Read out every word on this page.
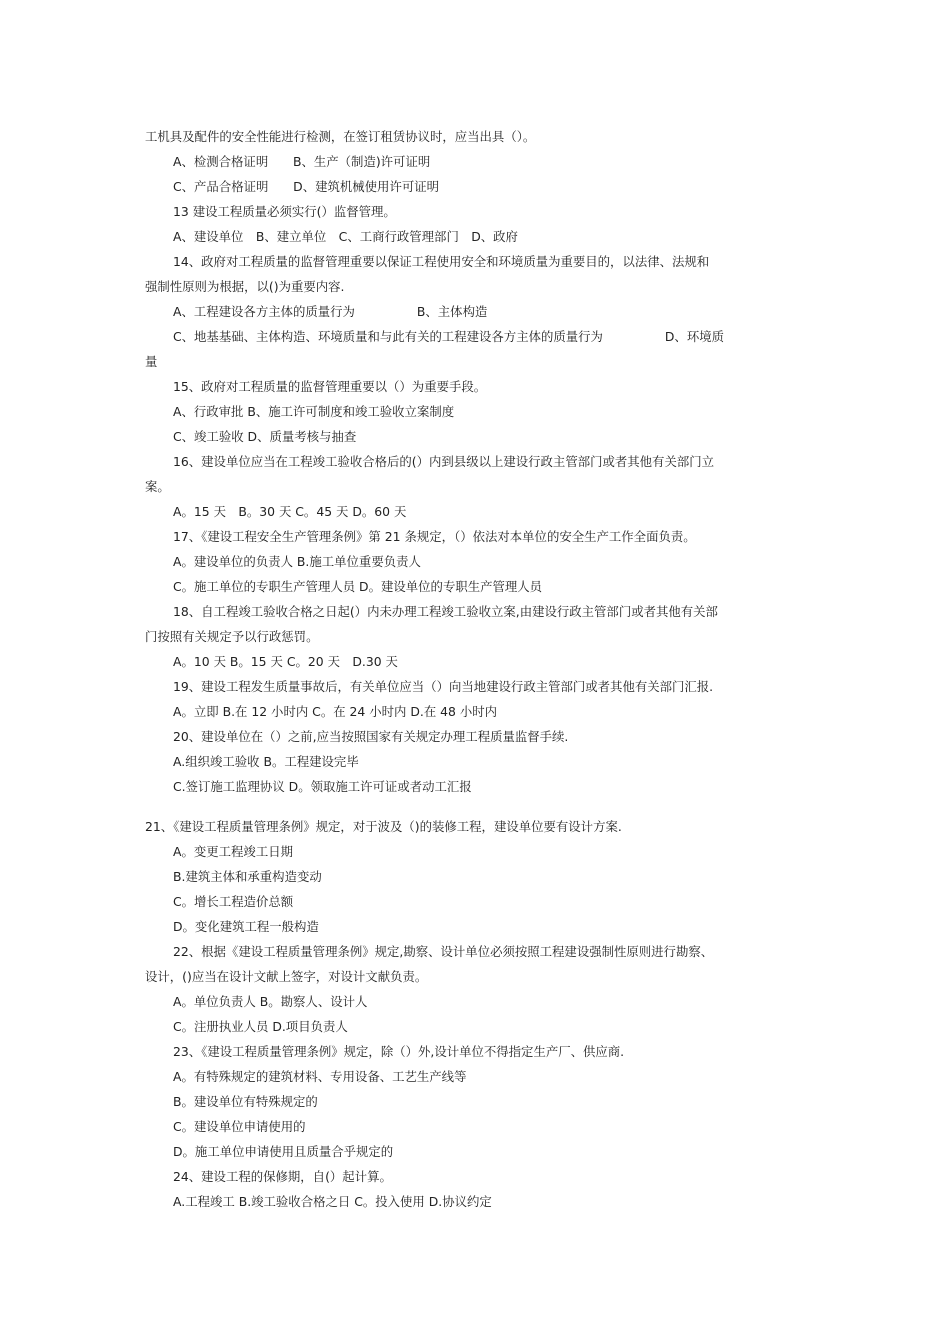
工机具及配件的安全性能进行检测，在签订租赁协议时，应当出具（）。
A、检测合格证明　　B、生产（制造)许可证明
C、产品合格证明　　D、建筑机械使用许可证明
13 建设工程质量必须实行(）监督管理。
A、建设单位　B、建立单位　C、工商行政管理部门　D、政府
14、政府对工程质量的监督管理重要以保证工程使用安全和环境质量为重要目的，以法律、法规和
强制性原则为根据，以()为重要内容.
A、工程建设各方主体的质量行为　　　　　B、主体构造
C、地基基础、主体构造、环境质量和与此有关的工程建设各方主体的质量行为　　　　　D、环境质
量
15、政府对工程质量的监督管理重要以（）为重要手段。
A、行政审批 B、施工许可制度和竣工验收立案制度
C、竣工验收 D、质量考核与抽查
16、建设单位应当在工程竣工验收合格后的(）内到县级以上建设行政主管部门或者其他有关部门立
案。
A。15 天　B。30 天 C。45 天 D。60 天
17、《建设工程安全生产管理条例》第 21 条规定，（）依法对本单位的安全生产工作全面负责。
A。建设单位的负责人 B.施工单位重要负责人
C。施工单位的专职生产管理人员 D。建设单位的专职生产管理人员
18、自工程竣工验收合格之日起(）内未办理工程竣工验收立案,由建设行政主管部门或者其他有关部
门按照有关规定予以行政惩罚。
A。10 天 B。15 天 C。20 天　D.30 天
19、建设工程发生质量事故后，有关单位应当（）向当地建设行政主管部门或者其他有关部门汇报.
A。立即 B.在 12 小时内 C。在 24 小时内 D.在 48 小时内
20、建设单位在（）之前,应当按照国家有关规定办理工程质量监督手续.
A.组织竣工验收 B。工程建设完毕
C.签订施工监理协议 D。领取施工许可证或者动工汇报
21、《建设工程质量管理条例》规定，对于波及（)的装修工程，建设单位要有设计方案.
A。变更工程竣工日期
B.建筑主体和承重构造变动
C。增长工程造价总额
D。变化建筑工程一般构造
22、根据《建设工程质量管理条例》规定,勘察、设计单位必须按照工程建设强制性原则进行勘察、
设计，()应当在设计文献上签字，对设计文献负责。
A。单位负责人 B。勘察人、设计人
C。注册执业人员 D.项目负责人
23、《建设工程质量管理条例》规定，除（）外,设计单位不得指定生产厂、供应商.
A。有特殊规定的建筑材料、专用设备、工艺生产线等
B。建设单位有特殊规定的
C。建设单位申请使用的
D。施工单位申请使用且质量合乎规定的
24、建设工程的保修期，自(）起计算。
A.工程竣工 B.竣工验收合格之日 C。投入使用 D.协议约定
